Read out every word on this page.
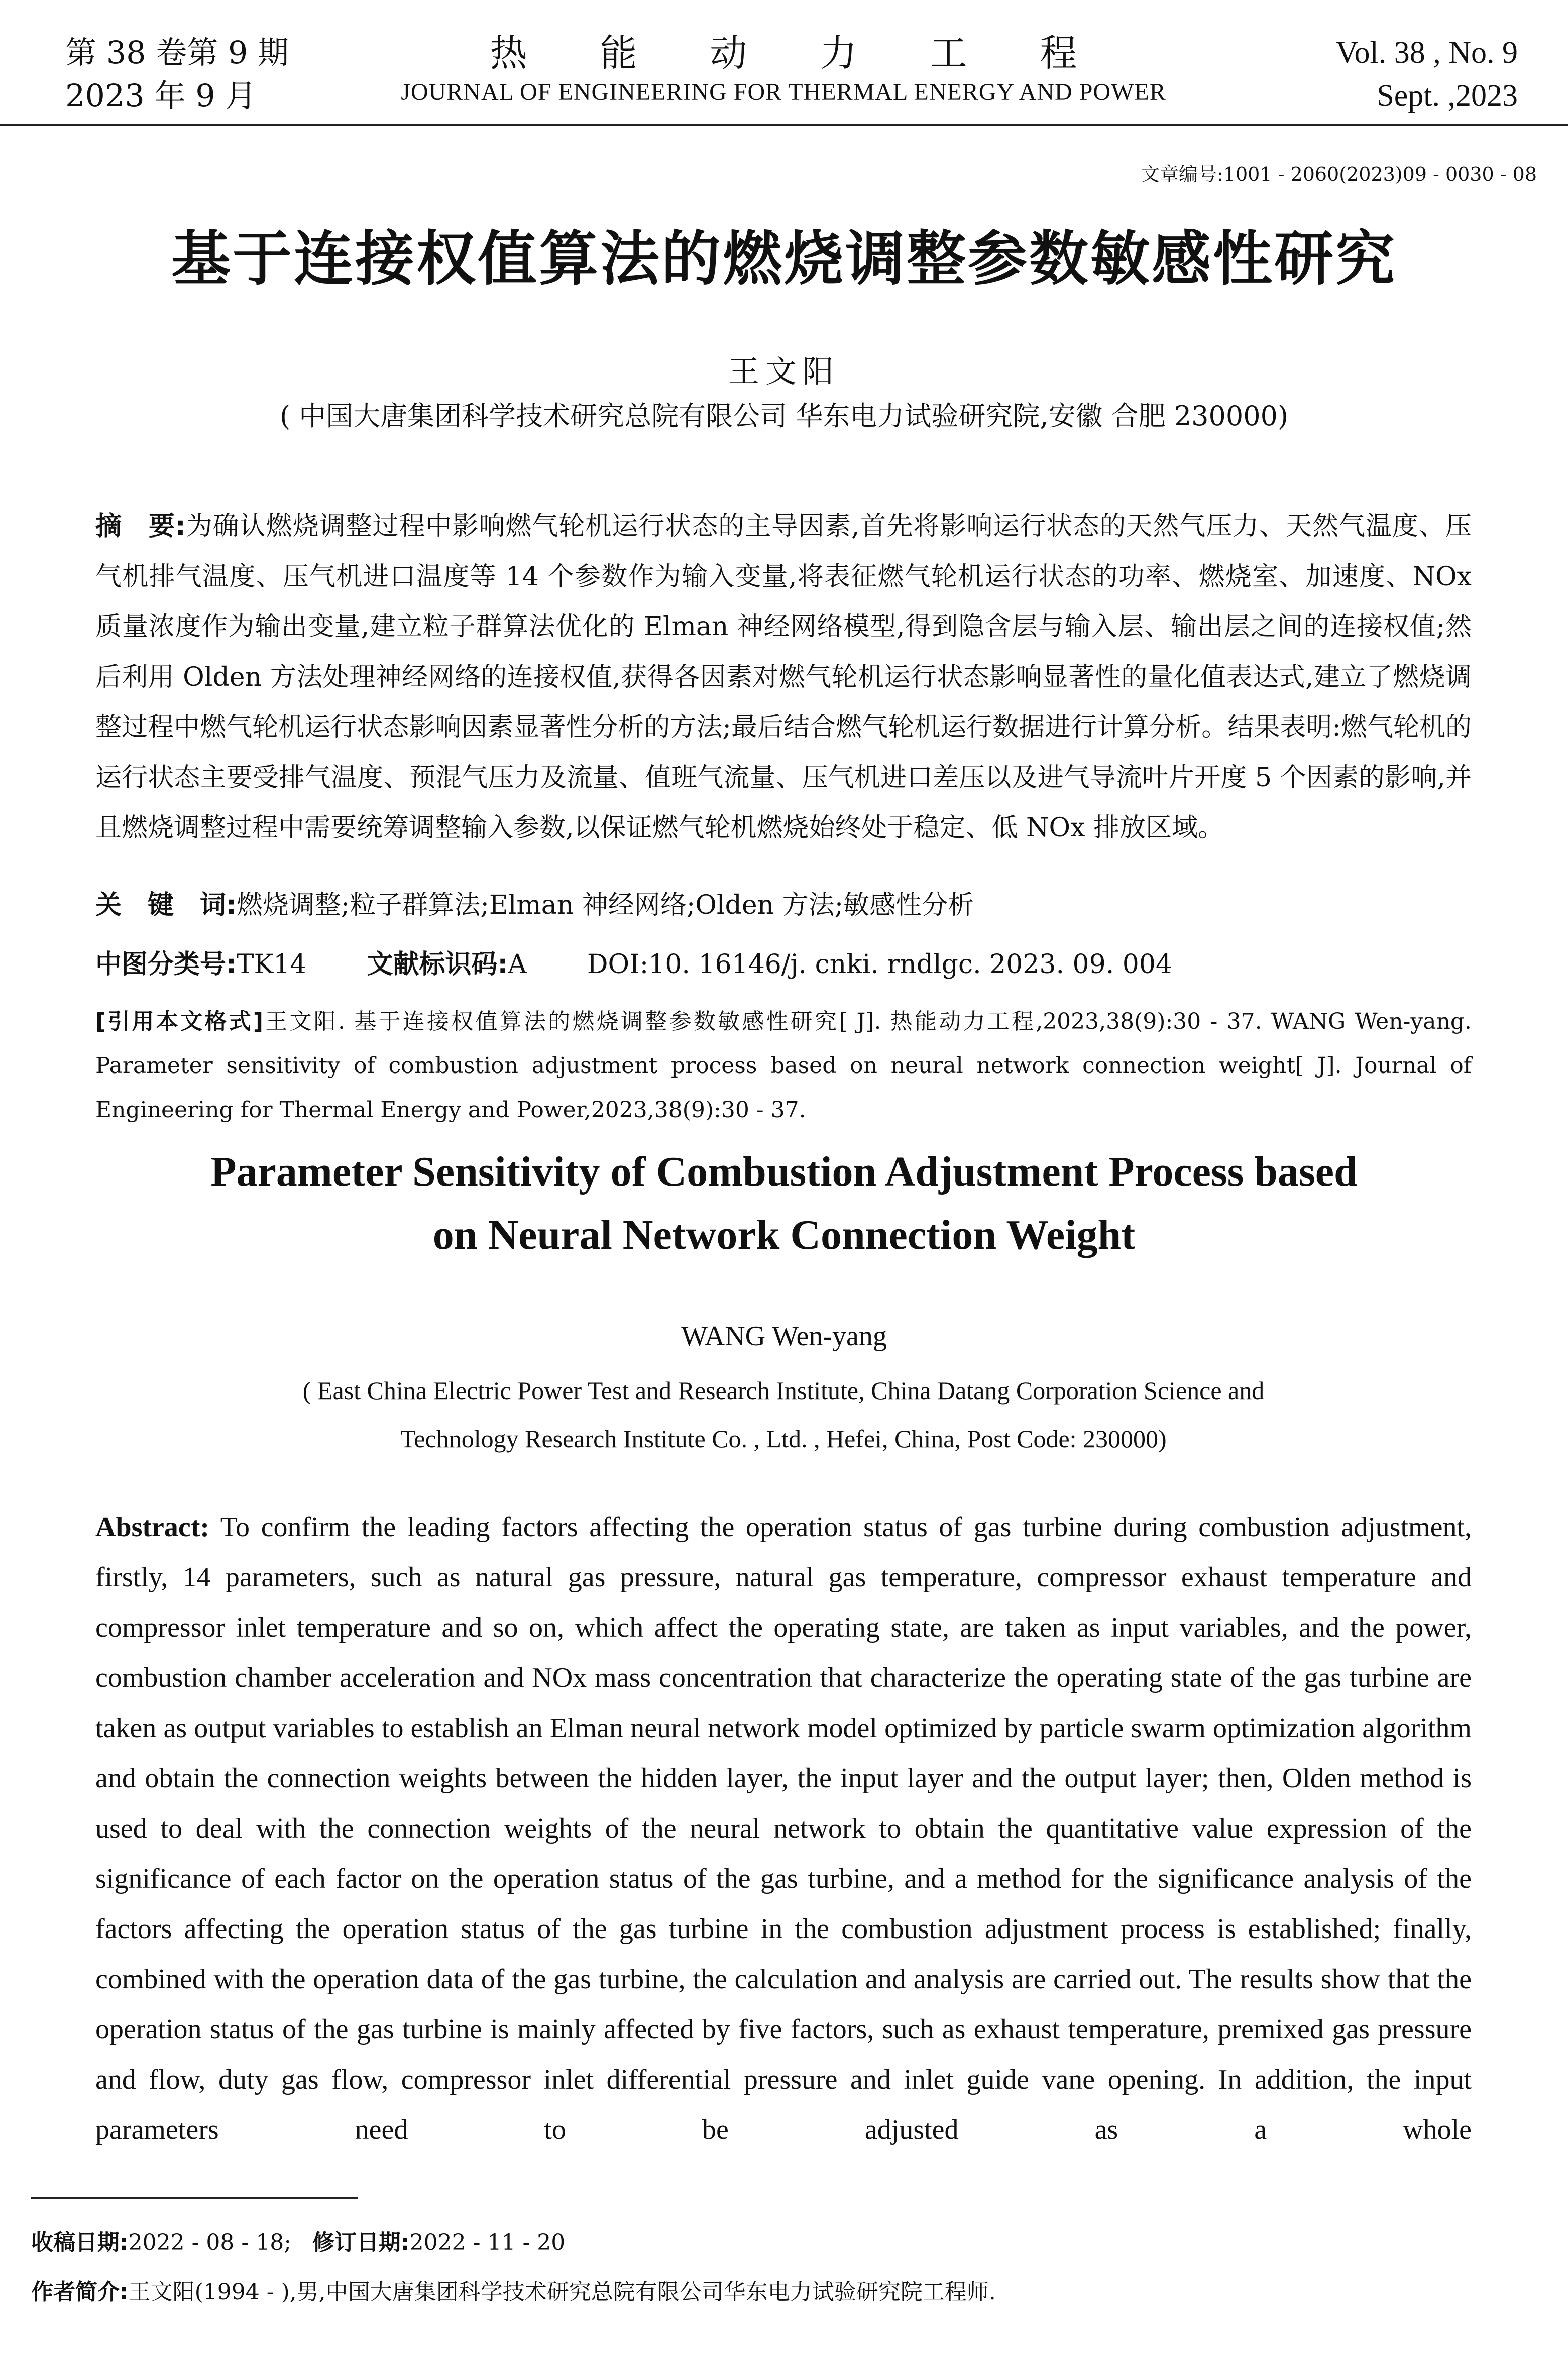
第 38 卷第 9 期
2023 年 9 月
热能动力工程
JOURNAL OF ENGINEERING FOR THERMAL ENERGY AND POWER
Vol. 38 , No. 9
Sept. ,2023
文章编号:1001 - 2060(2023)09 - 0030 - 08
基于连接权值算法的燃烧调整参数敏感性研究
王文阳
( 中国大唐集团科学技术研究总院有限公司 华东电力试验研究院,安徽 合肥 230000)
摘　要:为确认燃烧调整过程中影响燃气轮机运行状态的主导因素,首先将影响运行状态的天然气压力、天然气温度、压气机排气温度、压气机进口温度等 14 个参数作为输入变量,将表征燃气轮机运行状态的功率、燃烧室、加速度、NOx 质量浓度作为输出变量,建立粒子群算法优化的 Elman 神经网络模型,得到隐含层与输入层、输出层之间的连接权值;然后利用 Olden 方法处理神经网络的连接权值,获得各因素对燃气轮机运行状态影响显著性的量化值表达式,建立了燃烧调整过程中燃气轮机运行状态影响因素显著性分析的方法;最后结合燃气轮机运行数据进行计算分析。结果表明:燃气轮机的运行状态主要受排气温度、预混气压力及流量、值班气流量、压气机进口差压以及进气导流叶片开度 5 个因素的影响,并且燃烧调整过程中需要统筹调整输入参数,以保证燃气轮机燃烧始终处于稳定、低 NOx 排放区域。
关　键　词:燃烧调整;粒子群算法;Elman 神经网络;Olden 方法;敏感性分析
中图分类号:TK14 文献标识码:A DOI:10. 16146/j. cnki. rndlgc. 2023. 09. 004
[引用本文格式]王文阳. 基于连接权值算法的燃烧调整参数敏感性研究[ J]. 热能动力工程,2023,38(9):30 - 37. WANG Wen-yang. Parameter sensitivity of combustion adjustment process based on neural network connection weight[ J]. Journal of Engineering for Thermal Energy and Power,2023,38(9):30 - 37.
Parameter Sensitivity of Combustion Adjustment Process based
on Neural Network Connection Weight
WANG Wen-yang
( East China Electric Power Test and Research Institute, China Datang Corporation Science and
Technology Research Institute Co. , Ltd. , Hefei, China, Post Code: 230000)
Abstract: To confirm the leading factors affecting the operation status of gas turbine during combustion adjustment, firstly, 14 parameters, such as natural gas pressure, natural gas temperature, compressor exhaust temperature and compressor inlet temperature and so on, which affect the operating state, are taken as input variables, and the power, combustion chamber acceleration and NOx mass concentration that characterize the operating state of the gas turbine are taken as output variables to establish an Elman neural network model optimized by particle swarm optimization algorithm and obtain the connection weights between the hidden layer, the input layer and the output layer; then, Olden method is used to deal with the connection weights of the neural network to obtain the quantitative value expression of the significance of each factor on the operation status of the gas turbine, and a method for the significance analysis of the factors affecting the operation status of the gas turbine in the combustion adjustment process is established; finally, combined with the operation data of the gas turbine, the calculation and analysis are carried out. The results show that the operation status of the gas turbine is mainly affected by five factors, such as exhaust temperature, premixed gas pressure and flow, duty gas flow, compressor inlet differential pressure and inlet guide vane opening. In addition, the input parameters need to be adjusted as a whole
收稿日期:2022 - 08 - 18; 修订日期:2022 - 11 - 20
作者简介:王文阳(1994 - ),男,中国大唐集团科学技术研究总院有限公司华东电力试验研究院工程师.
